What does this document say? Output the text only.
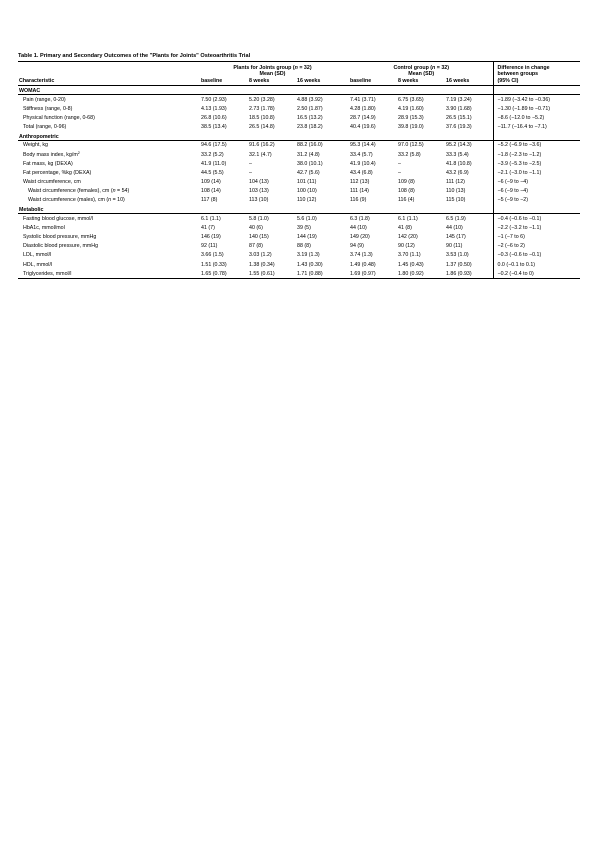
Table 1. Primary and Secondary Outcomes of the "Plants for Joints" Osteoarthritis Trial
	Plants for Joints group (n = 32)				Control group (n = 32)			Difference in change
	Mean (SD)				Mean (SD)			between groups
Characteristic	baseline	8 weeks	16 weeks		baseline	8 weeks	16 weeks	(95% CI)
WOMAC								
Pain (range, 0-20)	7.50 (2.93)	5.20 (3.28)	4.88 (3.92)		7.41 (3.71)	6.75 (3.65)	7.19 (3.24)	−1.89 (−3.42 to −0.36)
Stiffness (range, 0-8)	4.13 (1.93)	2.73 (1.78)	2.50 (1.87)		4.28 (1.80)	4.19 (1.60)	3.90 (1.68)	−1.30 (−1.89 to −0.71)
Physical function (range, 0-68)	26.8 (10.6)	18.5 (10.8)	16.5 (13.2)		28.7 (14.9)	28.9 (15.3)	26.5 (15.1)	−8.6 (−12.0 to −5.2)
Total (range, 0-96)	38.5 (13.4)	26.5 (14.8)	23.8 (18.2)		40.4 (19.6)	39.8 (19.0)	37.6 (19.3)	−11.7 (−16.4 to −7.1)
Anthropometric								
Weight, kg	94.6 (17.5)	91.6 (16.2)	88.2 (16.0)		95.3 (14.4)	97.0 (12.5)	95.2 (14.3)	−5.2 (−6.9 to −3.6)
Body mass index, $kg/m^2$	33.2 (5.2)	32.1 (4.7)	31.2 (4.8)		33.4 (5.7)	33.2 (5.8)	33.3 (5.4)	−1.8 (−2.3 to −1.2)
Fat mass, kg (DEXA)	41.9 (11.0)	–	38.0 (10.1)		41.9 (10.4)	–	41.8 (10.8)	−3.9 (−5.3 to −2.5)
Fat percentage, %kg (DEXA)	44.5 (5.5)	–	42.7 (5.6)		43.4 (6.8)	–	43.2 (6.9)	−2.1 (−3.0 to −1.1)
Waist circumference, cm	109 (14)	104 (13)	101 (11)		112 (13)	109 (8)	111 (12)	−6 (−9 to −4)
Waist circumference (females), cm (n = 54)	108 (14)	103 (13)	100 (10)		111 (14)	108 (8)	110 (13)	−6 (−9 to −4)
Waist circumference (males), cm (n = 10)	117 (8)	113 (10)	110 (12)		116 (9)	116 (4)	115 (10)	−5 (−9 to −2)
Metabolic								
Fasting blood glucose, mmol/l	6.1 (1.1)	5.8 (1.0)	5.6 (1.0)		6.3 (1.8)	6.1 (1.1)	6.5 (1.9)	−0.4 (−0.6 to −0.1)
HbA1c, mmol/mol	41 (7)	40 (6)	39 (5)		44 (10)	41 (8)	44 (10)	−2.2 (−3.2 to −1.1)
Systolic blood pressure, mmHg	146 (19)	140 (15)	144 (19)		149 (20)	142 (20)	145 (17)	−1 (−7 to 6)
Diastolic blood pressure, mmHg	92 (11)	87 (8)	88 (8)		94 (9)	90 (12)	90 (11)	−2 (−6 to 2)
LDL, mmol/l	3.66 (1.5)	3.03 (1.2)	3.19 (1.3)		3.74 (1.3)	3.70 (1.1)	3.53 (1.0)	−0.3 (−0.6 to −0.1)
HDL, mmol/l	1.51 (0.33)	1.38 (0.34)	1.43 (0.30)		1.49 (0.48)	1.45 (0.43)	1.37 (0.50)	0.0 (−0.1 to 0.1)
Triglycerides, mmol/l	1.65 (0.78)	1.55 (0.61)	1.71 (0.88)		1.69 (0.97)	1.80 (0.92)	1.86 (0.93)	−0.2 (−0.4 to 0)
